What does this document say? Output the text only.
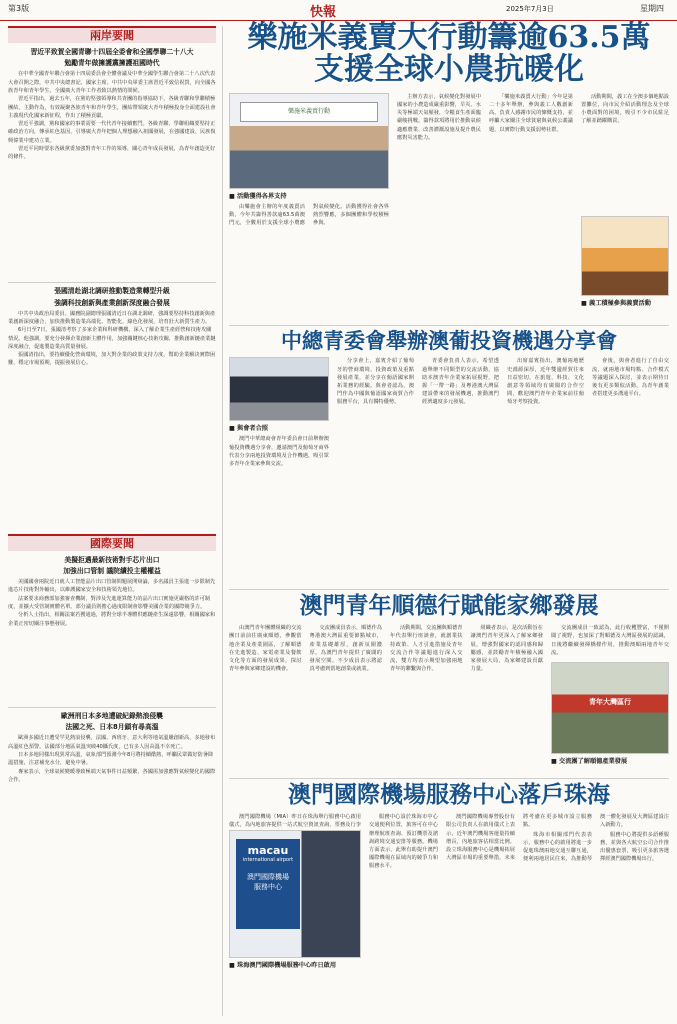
第3版	快報	2025年7月3日	星期四
兩岸要聞
習近平致賀全國青聯十四屆全委會和全國學聯二十八大
勉勵青年做擁護黨擁護祖國時代

在中華全國青年聯合會第十四屆委員會全體會議及中華全國學生聯合會第二十八次代表大會召開之際，中共中央總書記、國家主席、中共中央軍委主席習近平致信祝賀，向全國各族青年和青年學生、全國廣大青年工作者致以熱情的問候。

習近平指出，過去五年，在黨的堅強領導和共青團的指導協助下，各級青聯和學聯積極團結，主動作為，有效凝聚各族青年和青年學生，團結帶領廣大青年積極投身全面建設社會主義現代化國家新征程，作出了積極貢獻。

習近平強調，黨和國家的事業需要一代代青年接續奮鬥。各級青聯、學聯組織要堅持正確政治方向，傳承紅色基因，引導廣大青年把個人理想融入祖國發展，在強國建設、民族復興偉業中建功立業。

習近平同時要求各級黨委加強對青年工作的領導，關心青年成長發展，為青年創造更好的條件。

張國清赴湖北調研推動製造業轉型升級
強調科技創新與產業創新深度融合發展

中共中央政治局委員、國務院副總理張國清近日在湖北調研，強調要堅持科技創新與產業創新深度融合，加快推動製造業高端化、智能化、綠色化發展，培育壯大新質生產力。

6月日至7日，張國清考察了多家企業和科研機構，深入了解企業生產經營和技術攻關情況。他強調，要充分發揮企業創新主體作用，加強關鍵核心技術攻關，推動創新鏈產業鏈深度融合，促進製造業高質量發展。

張國清指出，要持續優化營商環境，加大對企業的政策支持力度，幫助企業解決實際困難，穩定市場預期，提振發展信心。

國際要聞
美擬拒邁最新技術對手芯片出口
加強出口管制 議院續投主權權益

美國國會兩院近日就人工智能晶片出口管制問題展開辯論，多名議員主張進一步限制先進芯片技術對外輸出，以維護國家安全和技術領先地位。

法案要求商務部加強審查機制，對涉及先進運算能力的晶片出口實施更嚴格的許可制度，並擴大受管制實體名單。部分議員則擔心過度限制會影響美國企業的國際競爭力。

分析人士指出，相關法案若獲通過，將對全球半導體供應鏈產生深遠影響，相關國家和企業正密切關注事態發展。

歐洲刑日本多地遭破紀錄熱浪侵襲
法國之死、日本8月鎖有尋高溫

歐洲多國近日遭受罕見熱浪侵襲，法國、西班牙、意大利等地氣溫屢創新高，多地發布高溫紅色預警。法國部分地區氣溫突破40攝氏度，已有多人因高溫不幸死亡。

日本多地同樣出現異常高溫，氣象部門預測今年8月將持續酷熱，呼籲民眾做好防暑降溫措施，注意補充水分，避免中暑。

專家表示，全球氣候變暖導致極端天氣事件日益頻繁，各國需加強應對氣候變化的國際合作。

樂施米義賣大行動籌逾63.5萬
支援全球小農抗暖化
樂施米義賣行動
■ 活動獲得各界支持

由樂施會主辦的年度義賣活動，今年共籌得善款逾63.5萬澳門元，全數用於支援全球小農應對氣候變化。活動獲得社會各界熱烈響應，多個團體和學校積極參與。

主辦方表示，氣候變化對發展中國家的小農造成嚴重影響，旱災、水災等極端天氣頻發，令糧食生產面臨嚴峻挑戰。籌得款項將用於推動氣候適應農業、改善灌溉設施及提升農民應對災害能力。

「樂施米義賣大行動」今年是第二十多年舉辦，參與義工人數創新高。負責人感謝市民的慷慨支持，並呼籲大家關注全球貧窮與氣候公義議題，以實際行動支援弱勢社群。

活動期間，義工在全澳多個地點設置攤位，向市民介紹活動理念及全球小農面對的困境，吸引不少市民駐足了解並踴躍購買。

■ 義工積極參與義賣活動
中總青委會舉辦澳葡投資機遇分享會
■ 與會者合照

澳門中華總商會青年委員會日前舉辦澳葡投資機遇分享會，邀請澳門及葡萄牙商界代表分享兩地投資環境及合作機遇，吸引眾多青年企業家參與交流。

分享會上，嘉賓介紹了葡萄牙的營商環境、投資政策及重點發展產業，並分享在葡語國家開拓業務的經驗。與會者認為，澳門作為中國與葡語國家商貿合作服務平台，具有獨特優勢。

青委會負責人表示，希望透過舉辦不同類型的交流活動，協助本澳青年企業家拓展視野，把握「一帶一路」及粵港澳大灣區建設帶來的發展機遇，推動澳門經濟適度多元發展。

出席嘉賓指出，澳葡兩地歷史淵源深厚，近年雙邊經貿往來日益密切，在旅遊、科技、文化創意等領域均有廣闊的合作空間，歡迎澳門青年企業家前往葡萄牙考察投資。

會後，與會者進行了自由交流，就兩地市場特點、合作模式等議題深入探討，並表示期待日後有更多類似活動，為青年創業者搭建更多溝通平台。

澳門青年順德行賦能家鄉發展

由澳門青年團體組織的交流團日前前往廣東順德，參觀當地企業及產業園區，了解順德在先進製造、家電產業及餐飲文化等方面的發展成果，探討青年參與家鄉建設的機會。

交流團成員表示，順德作為粵港澳大灣區重要節點城市，產業基礎雄厚，創新氛圍濃厚，為澳門青年提供了廣闊的發展空間。不少成員表示將認真考慮到當地創業或就業。

活動期間，交流團與順德青年代表舉行座談會，就創業扶持政策、人才引進措施及青年交流合作等議題進行深入交流，雙方均表示期望加強兩地青年的聯繫與合作。

組織者表示，是次活動旨在讓澳門青年更深入了解家鄉發展，增強對國家的認同感和歸屬感，並鼓勵青年積極融入國家發展大局，為家鄉建設貢獻力量。

交流團成員一致認為，此行收穫豐富，不僅開闊了視野，也加深了對順德及大灣區發展的認識，日後將繼續發揮橋樑作用，推動澳順兩地青年交流。

青年大灣區行
■ 交流團了解順德產業發展
澳門國際機場服務中心落戶珠海

澳門國際機場（MIA）昨日在珠海舉行服務中心啟用儀式，為內地旅客提供一站式航空資訊查詢、票務及行李

macau
international airport
澳門國際機場
服務中心
■ 珠海澳門國際機場服務中心昨日啟用

服務中心設於珠海市中心交通便利位置，旅客可在中心辦理航班查詢、預訂機票及諮詢跨境交通安排等服務。機場方面表示，此舉有助提升澳門國際機場在區域內的競爭力和服務水平。

澳門國際機場專營股份有限公司負責人在啟用儀式上表示，近年澳門機場客運量持續增長，內地旅客佔相當比例。設立珠海服務中心是機場拓展大灣區市場的重要舉措，未來將考慮在更多城市設立服務點。

珠海市相關部門代表表示，服務中心的啟用將進一步促進珠澳兩地交通互聯互通，便利兩地居民往來，為推動琴澳一體化發展及大灣區建設注入新動力。

服務中心將提供多語種服務，並與各大航空公司合作推出優惠套票，吸引更多旅客選擇經澳門國際機場出行。
